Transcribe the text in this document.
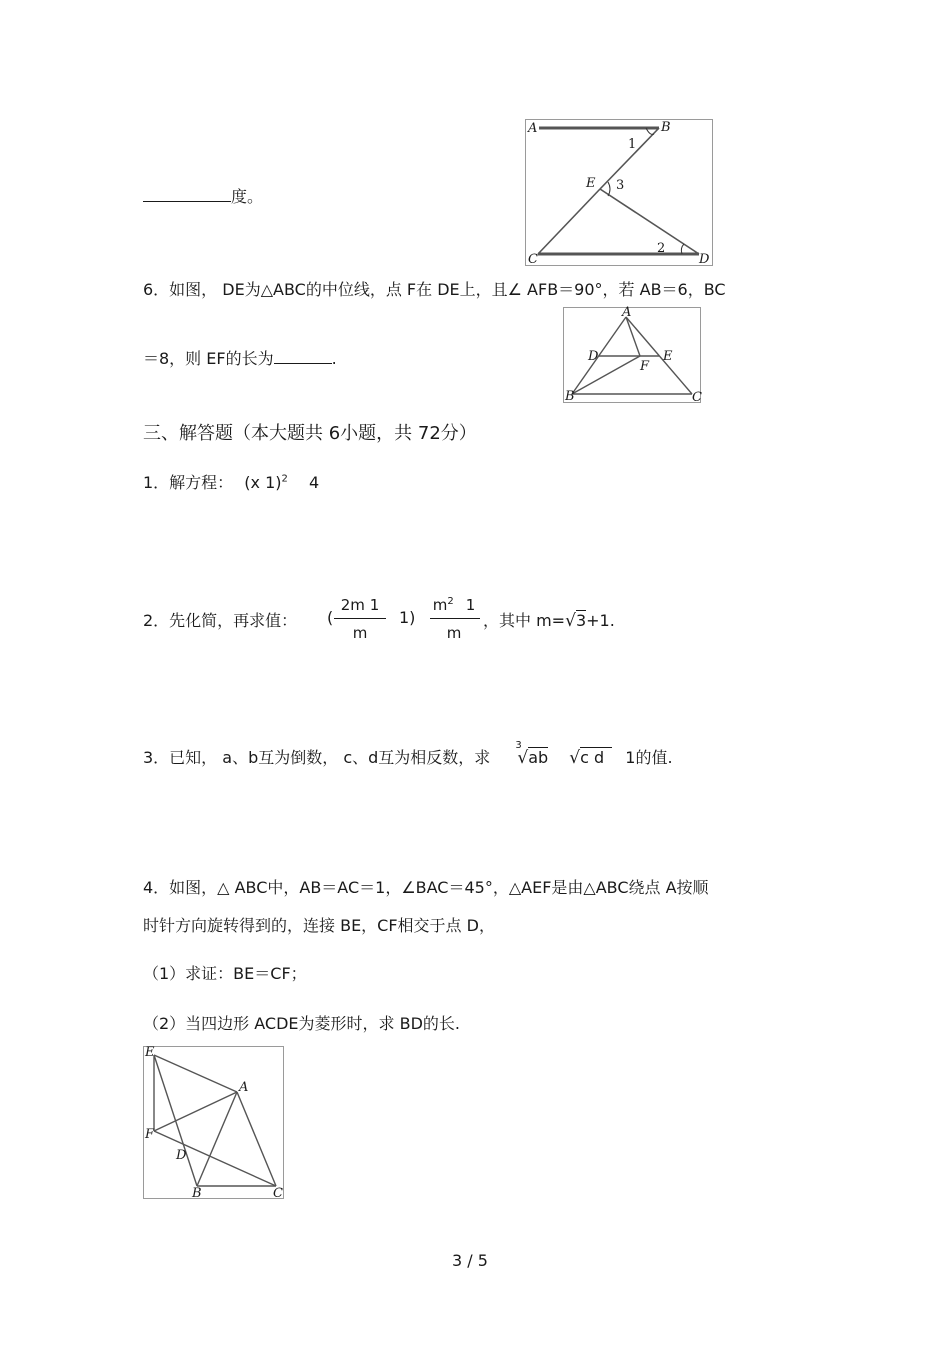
度。
A	B
C	D
E
1
2
3
6．如图， DE为△ABC的中位线，点 F在 DE上，且∠ AFB＝90°，若 AB＝6，BC
＝8，则 EF的长为	.
A
B	C
D	E
F
三、解答题（本大题共 6小题，共 72分）
1．解方程： (x 1)$^2$ 4
2．先化简，再求值： (
2m 1
m
1)
$m^2$ 1
m
，其中 m=√3+1.
3．已知， a、b互为倒数， c、d互为相反数，求
3
√ab √c d 1的值.
4．如图，△ ABC中，AB＝AC＝1，∠BAC＝45°，△AEF是由△ABC绕点 A按顺
时针方向旋转得到的，连接 BE，CF相交于点 D，
（1）求证：BE＝CF；
（2）当四边形 ACDE为菱形时，求 BD的长.
E
A
F
D
B	C
3 / 5
